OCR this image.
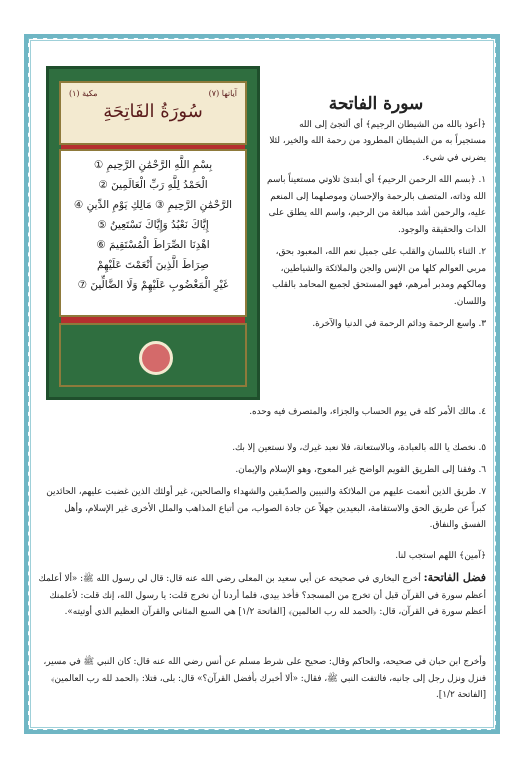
آياتها (٧)
مكية (١)
سُورَةُ الفَاتِحَةِ
بِسْمِ اللَّهِ الرَّحْمَٰنِ الرَّحِيمِ ①
الْحَمْدُ لِلَّهِ رَبِّ الْعَالَمِينَ ②
الرَّحْمَٰنِ الرَّحِيمِ ③ مَالِكِ يَوْمِ الدِّينِ ④
إِيَّاكَ نَعْبُدُ وَإِيَّاكَ نَسْتَعِينُ ⑤
اهْدِنَا الصِّرَاطَ الْمُسْتَقِيمَ ⑥
صِرَاطَ الَّذِينَ أَنْعَمْتَ عَلَيْهِمْ
غَيْرِ الْمَغْضُوبِ عَلَيْهِمْ وَلَا الضَّالِّينَ ⑦
سورة الفاتحة

﴿أعوذ بالله من الشيطان الرجيم﴾ أي ألتجئ إلى الله مستجيراً به من الشيطان المطرود من رحمة الله والخير، لئلا يضرني في شيء.

١. ﴿بسم الله الرحمن الرحيم﴾ أي أبتدئ تلاوتي مستعيناً باسم الله وذاته، المتصف بالرحمة والإحسان وموصلهما إلى المنعم عليه، والرحمن أشد مبالغة من الرحيم، واسم الله يطلق على الذات والحقيقة والوجود.

٢. الثناء باللسان والقلب على جميل نعم الله، المعبود بحق، مربي العوالم كلها من الإنس والجن والملائكة والشياطين، ومالكهم ومدبر أمرهم، فهو المستحق لجميع المحامد بالقلب واللسان.

٣. واسع الرحمة ودائم الرحمة في الدنيا والآخرة.

٤. مالك الأمر كله في يوم الحساب والجزاء، والمتصرف فيه وحده.

٥. نخصك يا الله بالعبادة، وبالاستعانة، فلا نعبد غيرك، ولا نستعين إلا بك.

٦. وفقنا إلى الطريق القويم الواضح غير المعوج، وهو الإسلام والإيمان.

٧. طريق الذين أنعمت عليهم من الملائكة والنبيين والصدّيقين والشهداء والصالحين، غير أولئك الذين غضبت عليهم، الحائدين كبراً عن طريق الحق والاستقامة، البعيدين جهلاً عن جادة الصواب، من أتباع المذاهب والملل الأخرى غير الإسلام، وأهل الفسق والنفاق.

﴿آمين﴾ اللهم استجب لنا.

فضل الفاتحة: أخرج البخاري في صحيحه عن أبي سعيد بن المعلى رضي الله عنه قال: قال لي رسول الله ﷺ: «ألا أعلمك أعظم سورة في القرآن قبل أن تخرج من المسجد؟ فأخذ بيدي، فلما أردنا أن نخرج قلت: يا رسول الله، إنك قلت: لأعلمنك أعظم سورة في القرآن، قال: ﴿الحمد لله رب العالمين﴾ [الفاتحة ١/٢] هي السبع المثاني والقرآن العظيم الذي أوتيته».

وأخرج ابن حبان في صحيحه، والحاكم وقال: صحيح على شرط مسلم عن أنس رضي الله عنه قال: كان النبي ﷺ في مسير، فنزل ونزل رجل إلى جانبه، فالتفت النبي ﷺ، فقال: «ألا أخبرك بأفضل القرآن؟» قال: بلى، فتلا: ﴿الحمد لله رب العالمين﴾ [الفاتحة ١/٢].
